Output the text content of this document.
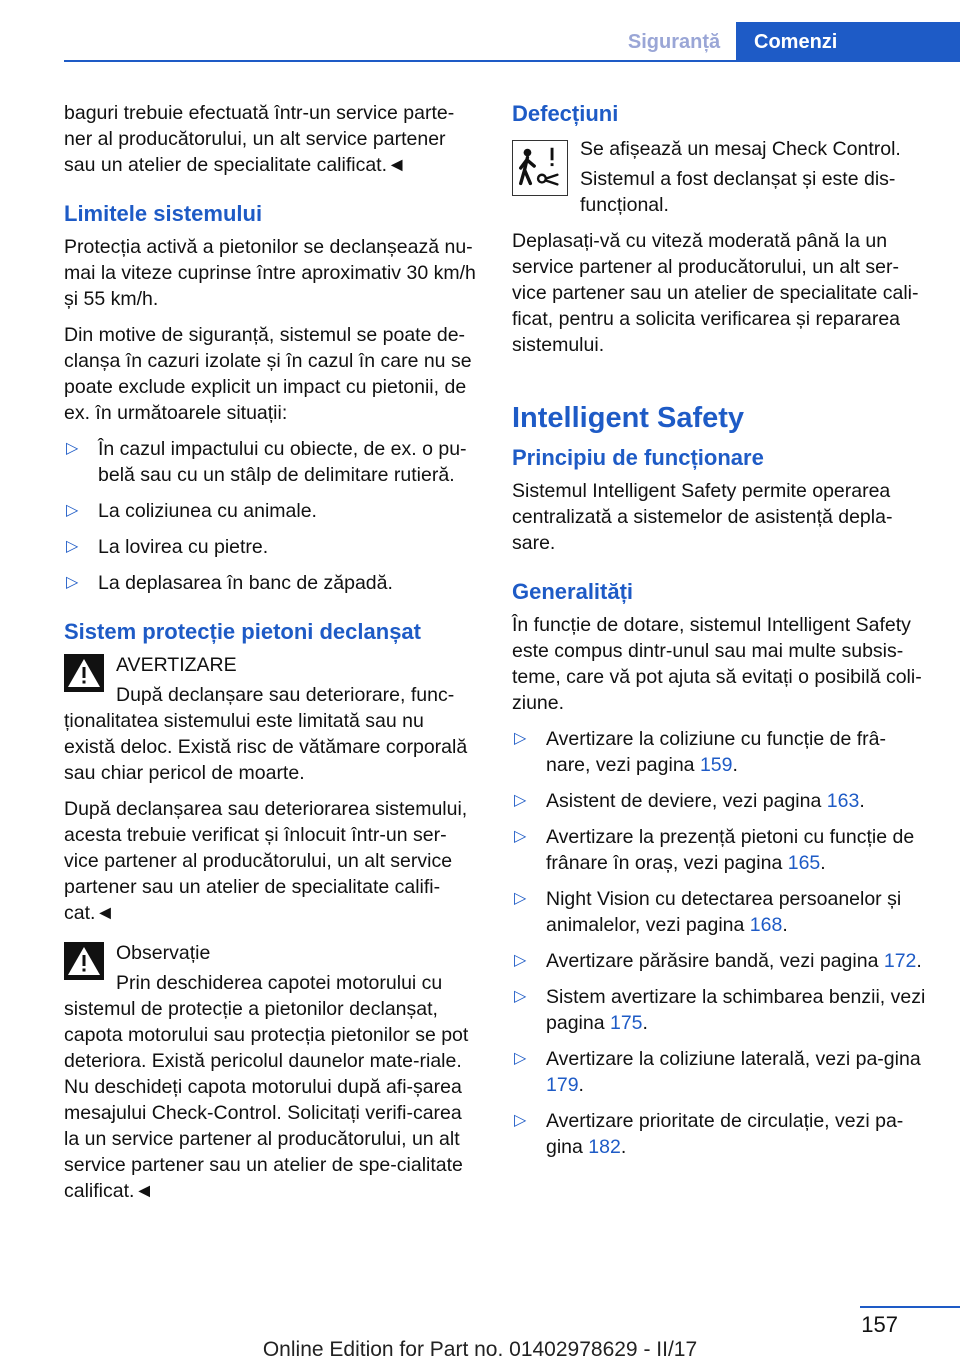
Siguranță	Comenzi

baguri trebuie efectuată într-un service parte-ner al producătorului, un alt service partener sau un atelier de specialitate calificat.◄

Limitele sistemului

Protecția activă a pietonilor se declanșează nu-mai la viteze cuprinse între aproximativ 30 km/h și 55 km/h.

Din motive de siguranță, sistemul se poate de-clanșa în cazuri izolate și în cazul în care nu se poate exclude explicit un impact cu pietonii, de ex. în următoarele situații:

▷ În cazul impactului cu obiecte, de ex. o pu-belă sau cu un stâlp de delimitare rutieră.
▷ La coliziunea cu animale.
▷ La lovirea cu pietre.
▷ La deplasarea în banc de zăpadă.
Sistem protecție pietoni declanșat

AVERTIZARE

După declanșare sau deteriorare, func-ționalitatea sistemului este limitată sau nu există deloc. Există risc de vătămare corporală sau chiar pericol de moarte.

După declanșarea sau deteriorarea sistemului, acesta trebuie verificat și înlocuit într-un ser-vice partener al producătorului, un alt service partener sau un atelier de specialitate califi-cat.◄

Observație

Prin deschiderea capotei motorului cu sistemul de protecție a pietonilor declanșat, capota motorului sau protecția pietonilor se pot deteriora. Există pericolul daunelor mate-riale. Nu deschideți capota motorului după afi-șarea mesajului Check-Control. Solicitați verifi-carea la un service partener al producătorului, un alt service partener sau un atelier de spe-cialitate calificat.◄

Defecțiuni

Se afișează un mesaj Check Control.

Sistemul a fost declanșat și este dis-funcțional.

Deplasați-vă cu viteză moderată până la un service partener al producătorului, un alt ser-vice partener sau un atelier de specialitate cali-ficat, pentru a solicita verificarea și repararea sistemului.

Intelligent Safety
Principiu de funcționare

Sistemul Intelligent Safety permite operarea centralizată a sistemelor de asistență depla-sare.

Generalități

În funcție de dotare, sistemul Intelligent Safety este compus dintr-unul sau mai multe subsis-teme, care vă pot ajuta să evitați o posibilă coli-ziune.

▷ Avertizare la coliziune cu funcție de frâ-nare, vezi pagina 159.
▷ Asistent de deviere, vezi pagina 163.
▷ Avertizare la prezență pietoni cu funcție de frânare în oraș, vezi pagina 165.
▷ Night Vision cu detectarea persoanelor și animalelor, vezi pagina 168.
▷ Avertizare părăsire bandă, vezi pagina 172.
▷ Sistem avertizare la schimbarea benzii, vezi pagina 175.
▷ Avertizare la coliziune laterală, vezi pa-gina 179.
▷ Avertizare prioritate de circulație, vezi pa-gina 182.
157
Online Edition for Part no. 01402978629 - II/17
